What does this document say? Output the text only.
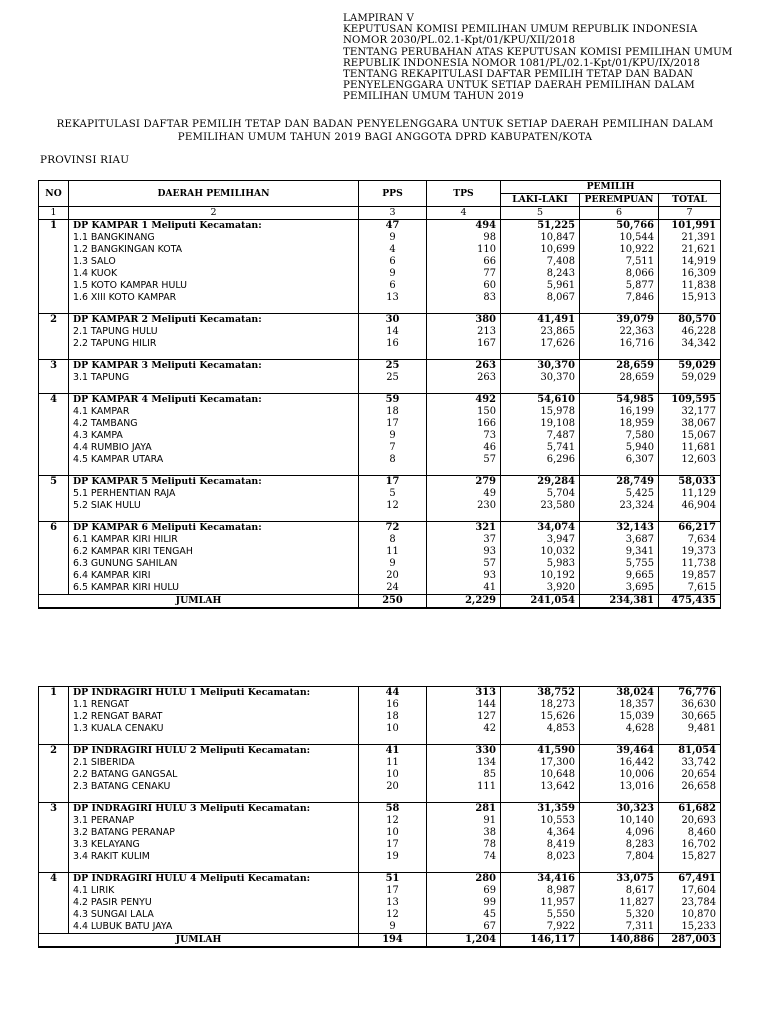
LAMPIRAN V
KEPUTUSAN KOMISI PEMILIHAN UMUM REPUBLIK INDONESIA
NOMOR 2030/PL.02.1-Kpt/01/KPU/XII/2018
TENTANG PERUBAHAN ATAS KEPUTUSAN KOMISI PEMILIHAN UMUM
REPUBLIK INDONESIA NOMOR 1081/PL/02.1-Kpt/01/KPU/IX/2018
TENTANG REKAPITULASI DAFTAR PEMILIH TETAP DAN BADAN
PENYELENGGARA UNTUK SETIAP DAERAH PEMILIHAN DALAM
PEMILIHAN UMUM TAHUN 2019
REKAPITULASI DAFTAR PEMILIH TETAP DAN BADAN PENYELENGGARA UNTUK SETIAP DAERAH PEMILIHAN DALAM
PEMILIHAN UMUM TAHUN 2019 BAGI ANGGOTA DPRD KABUPATEN/KOTA
PROVINSI RIAU
NO	DAERAH PEMILIHAN	PPS	TPS	PEMILIH		
				LAKI-LAKI	PEREMPUAN	TOTAL
1	2	3	4	5	6	7
1	DP KAMPAR 1 Meliputi Kecamatan:	47	494	51,225	50,766	101,991
	1.1 BANGKINANG	9	98	10,847	10,544	21,391
	1.2 BANGKINGAN KOTA	4	110	10,699	10,922	21,621
	1.3 SALO	6	66	7,408	7,511	14,919
	1.4 KUOK	9	77	8,243	8,066	16,309
	1.5 KOTO KAMPAR HULU	6	60	5,961	5,877	11,838
	1.6 XIII KOTO KAMPAR	13	83	8,067	7,846	15,913

2	DP KAMPAR 2 Meliputi Kecamatan:	30	380	41,491	39,079	80,570
	2.1 TAPUNG HULU	14	213	23,865	22,363	46,228
	2.2 TAPUNG HILIR	16	167	17,626	16,716	34,342

3	DP KAMPAR 3 Meliputi Kecamatan:	25	263	30,370	28,659	59,029
	3.1 TAPUNG	25	263	30,370	28,659	59,029

4	DP KAMPAR 4 Meliputi Kecamatan:	59	492	54,610	54,985	109,595
	4.1 KAMPAR	18	150	15,978	16,199	32,177
	4.2 TAMBANG	17	166	19,108	18,959	38,067
	4.3 KAMPA	9	73	7,487	7,580	15,067
	4.4 RUMBIO JAYA	7	46	5,741	5,940	11,681
	4.5 KAMPAR UTARA	8	57	6,296	6,307	12,603

5	DP KAMPAR 5 Meliputi Kecamatan:	17	279	29,284	28,749	58,033
	5.1 PERHENTIAN RAJA	5	49	5,704	5,425	11,129
	5.2 SIAK HULU	12	230	23,580	23,324	46,904

6	DP KAMPAR 6 Meliputi Kecamatan:	72	321	34,074	32,143	66,217
	6.1 KAMPAR KIRI HILIR	8	37	3,947	3,687	7,634
	6.2 KAMPAR KIRI TENGAH	11	93	10,032	9,341	19,373
	6.3 GUNUNG SAHILAN	9	57	5,983	5,755	11,738
	6.4 KAMPAR KIRI	20	93	10,192	9,665	19,857
	6.5 KAMPAR KIRI HULU	24	41	3,920	3,695	7,615
JUMLAH		250	2,229	241,054	234,381	475,435
1	DP INDRAGIRI HULU 1 Meliputi Kecamatan:	44	313	38,752	38,024	76,776
	1.1 RENGAT	16	144	18,273	18,357	36,630
	1.2 RENGAT BARAT	18	127	15,626	15,039	30,665
	1.3 KUALA CENAKU	10	42	4,853	4,628	9,481

2	DP INDRAGIRI HULU 2 Meliputi Kecamatan:	41	330	41,590	39,464	81,054
	2.1 SIBERIDA	11	134	17,300	16,442	33,742
	2.2 BATANG GANGSAL	10	85	10,648	10,006	20,654
	2.3 BATANG CENAKU	20	111	13,642	13,016	26,658

3	DP INDRAGIRI HULU 3 Meliputi Kecamatan:	58	281	31,359	30,323	61,682
	3.1 PERANAP	12	91	10,553	10,140	20,693
	3.2 BATANG PERANAP	10	38	4,364	4,096	8,460
	3.3 KELAYANG	17	78	8,419	8,283	16,702
	3.4 RAKIT KULIM	19	74	8,023	7,804	15,827

4	DP INDRAGIRI HULU 4 Meliputi Kecamatan:	51	280	34,416	33,075	67,491
	4.1 LIRIK	17	69	8,987	8,617	17,604
	4.2 PASIR PENYU	13	99	11,957	11,827	23,784
	4.3 SUNGAI LALA	12	45	5,550	5,320	10,870
	4.4 LUBUK BATU JAYA	9	67	7,922	7,311	15,233
JUMLAH		194	1,204	146,117	140,886	287,003
